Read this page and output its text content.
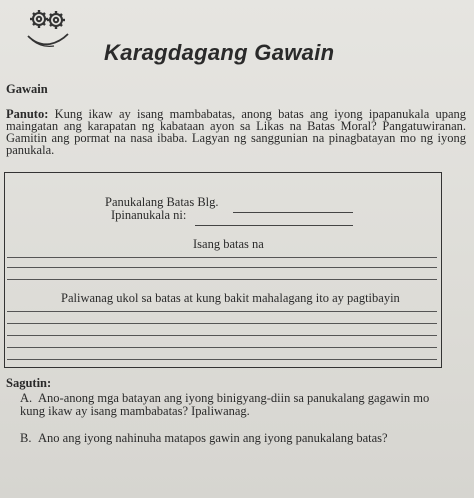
Karagdagang Gawain
Gawain
Panuto: Kung ikaw ay isang mambabatas, anong batas ang iyong ipapanukala upang maingatan ang karapatan ng kabataan ayon sa Likas na Batas Moral? Pangatuwiranan. Gamitin ang pormat na nasa ibaba. Lagyan ng sanggunian na pinagbatayan mo ng iyong panukala.
Panukalang Batas Blg.
Ipinanukala ni:
Isang batas na
Paliwanag ukol sa batas at kung bakit mahalagang ito ay pagtibayin
Sagutin:
A. Ano-anong mga batayan ang iyong binigyang-diin sa panukalang gagawin mo kung ikaw ay isang mambabatas? Ipaliwanag.
B. Ano ang iyong nahinuha matapos gawin ang iyong panukalang batas?
